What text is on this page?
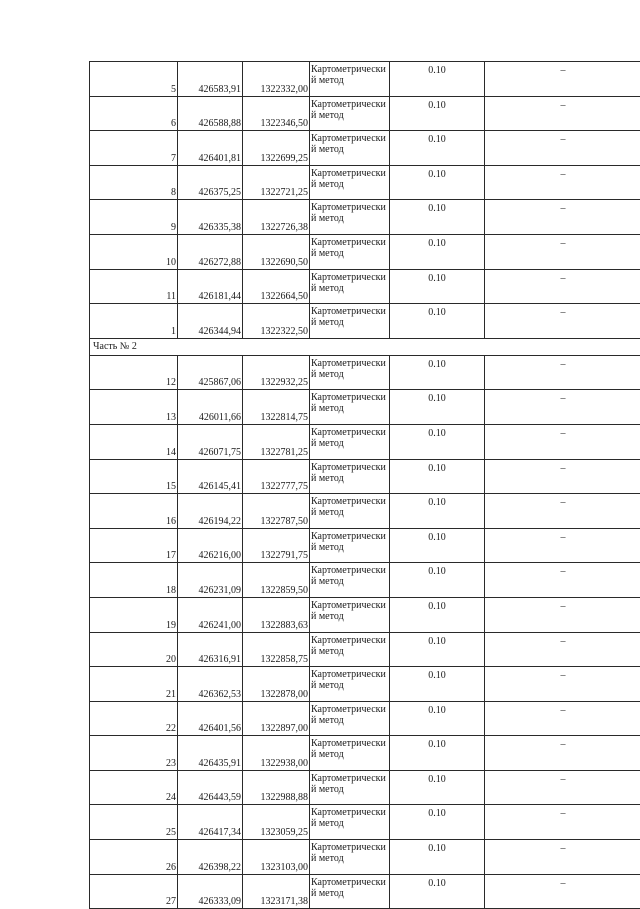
5	426583,91	1322332,00	Картометрический метод	0.10	–
6	426588,88	1322346,50	Картометрический метод	0.10	–
7	426401,81	1322699,25	Картометрический метод	0.10	–
8	426375,25	1322721,25	Картометрический метод	0.10	–
9	426335,38	1322726,38	Картометрический метод	0.10	–
10	426272,88	1322690,50	Картометрический метод	0.10	–
11	426181,44	1322664,50	Картометрический метод	0.10	–
1	426344,94	1322322,50	Картометрический метод	0.10	–
Часть № 2					
12	425867,06	1322932,25	Картометрический метод	0.10	–
13	426011,66	1322814,75	Картометрический метод	0.10	–
14	426071,75	1322781,25	Картометрический метод	0.10	–
15	426145,41	1322777,75	Картометрический метод	0.10	–
16	426194,22	1322787,50	Картометрический метод	0.10	–
17	426216,00	1322791,75	Картометрический метод	0.10	–
18	426231,09	1322859,50	Картометрический метод	0.10	–
19	426241,00	1322883,63	Картометрический метод	0.10	–
20	426316,91	1322858,75	Картометрический метод	0.10	–
21	426362,53	1322878,00	Картометрический метод	0.10	–
22	426401,56	1322897,00	Картометрический метод	0.10	–
23	426435,91	1322938,00	Картометрический метод	0.10	–
24	426443,59	1322988,88	Картометрический метод	0.10	–
25	426417,34	1323059,25	Картометрический метод	0.10	–
26	426398,22	1323103,00	Картометрический метод	0.10	–
27	426333,09	1323171,38	Картометрический метод	0.10	–
